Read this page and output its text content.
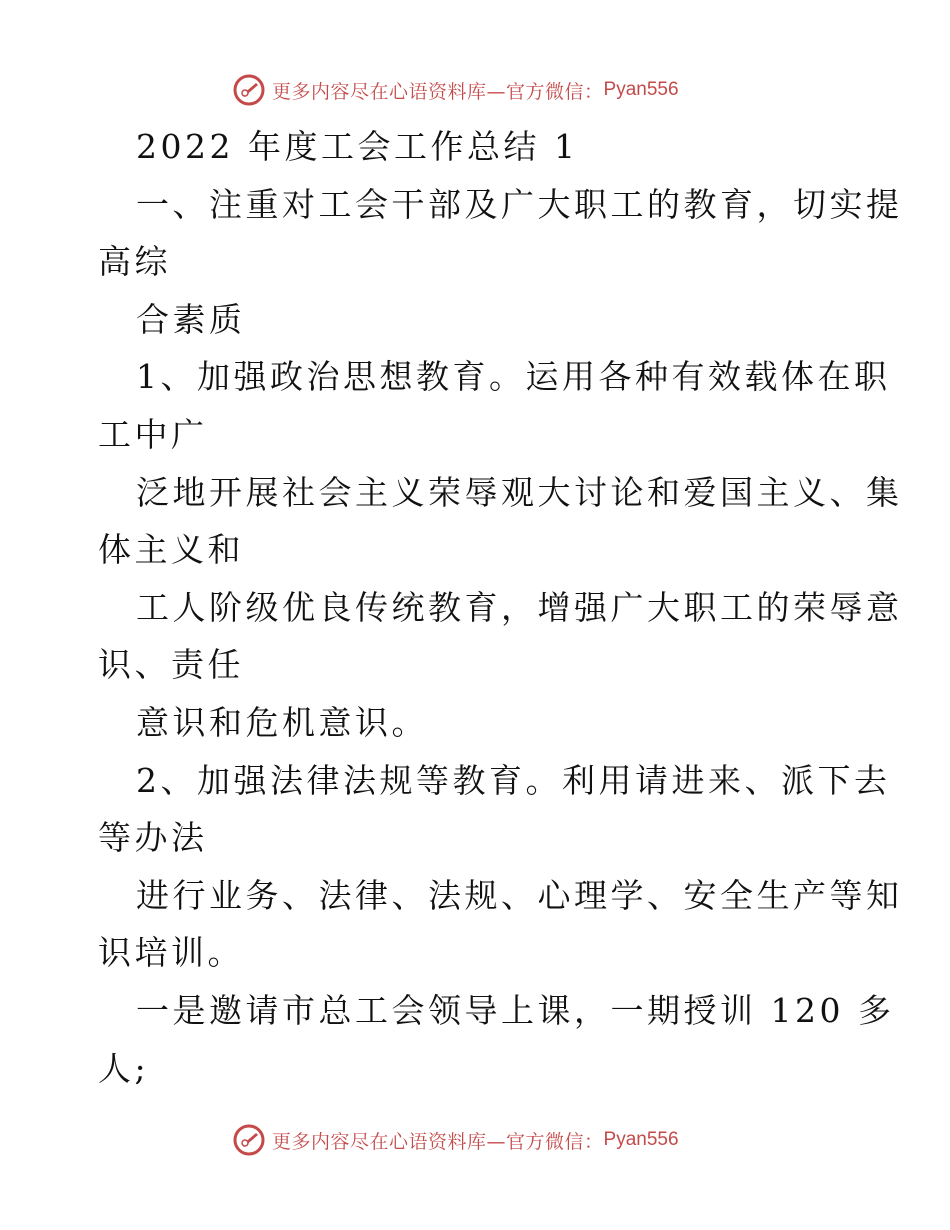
更多内容尽在心语资料库—官方微信： Pyan556
2022 年度工会工作总结 1
一、注重对工会干部及广大职工的教育，切实提
高综
合素质
1、加强政治思想教育。运用各种有效载体在职
工中广
泛地开展社会主义荣辱观大讨论和爱国主义、集
体主义和
工人阶级优良传统教育，增强广大职工的荣辱意
识、责任
意识和危机意识。
2、加强法律法规等教育。利用请进来、派下去
等办法
进行业务、法律、法规、心理学、安全生产等知
识培训。
一是邀请市总工会领导上课，一期授训 120 多
人;
更多内容尽在心语资料库—官方微信： Pyan556
